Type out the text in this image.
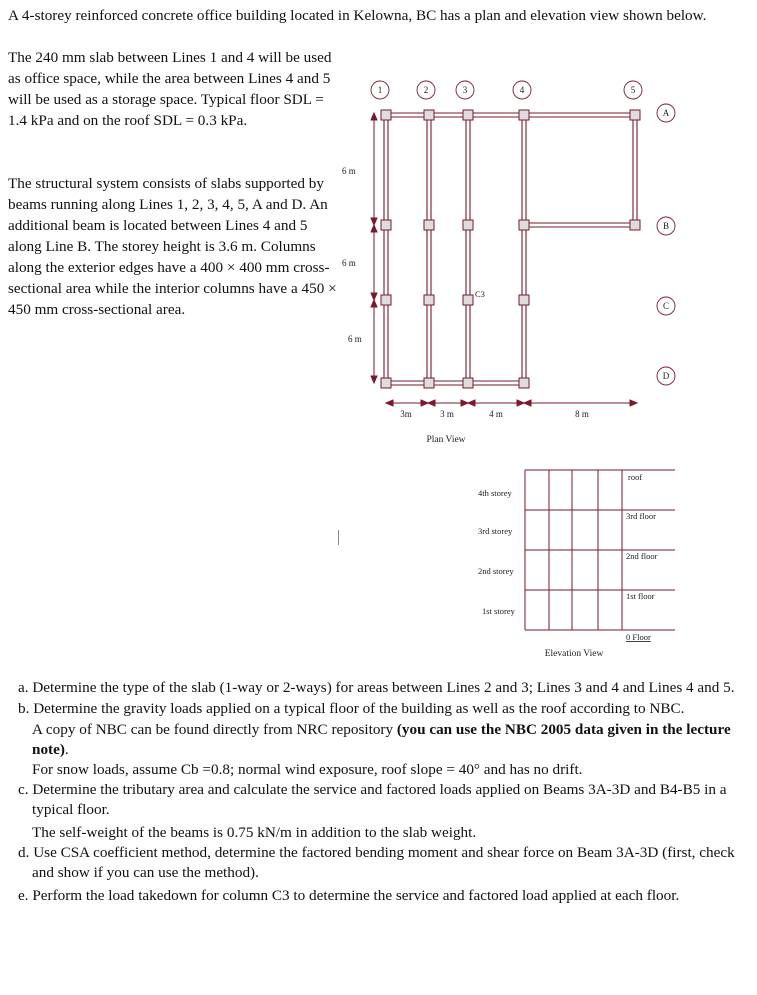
A 4-storey reinforced concrete office building located in Kelowna, BC has a plan and elevation view shown below.
The 240 mm slab between Lines 1 and 4 will be used as office space, while the area between Lines 4 and 5 will be used as a storage space. Typical floor SDL = 1.4 kPa and on the roof SDL = 0.3 kPa.
The structural system consists of slabs supported by beams running along Lines 1, 2, 3, 4, 5, A and D. An additional beam is located between Lines 4 and 5 along Line B. The storey height is 3.6 m. Columns along the exterior edges have a 400 × 400 mm cross-sectional area while the interior columns have a 450 × 450 mm cross-sectional area.
1	2	3	4	5
A
B
C
D
C3
6 m
6 m
6 m
3m	3 m	4 m	8 m
Plan View
4th storey
3rd storey
2nd storey
1st storey
roof
3rd floor
2nd floor
1st floor
0 Floor
Elevation View

a. Determine the type of the slab (1-way or 2-ways) for areas between Lines 2 and 3; Lines 3 and 4 and Lines 4 and 5.

b. Determine the gravity loads applied on a typical floor of the building as well as the roof according to NBC.

A copy of NBC can be found directly from NRC repository (you can use the NBC 2005 data given in the lecture note).

For snow loads, assume Cb =0.8; normal wind exposure, roof slope = 40° and has no drift.

c. Determine the tributary area and calculate the service and factored loads applied on Beams 3A-3D and B4-B5 in a typical floor.

The self-weight of the beams is 0.75 kN/m in addition to the slab weight.

d. Use CSA coefficient method, determine the factored bending moment and shear force on Beam 3A-3D (first, check and show if you can use the method).

e. Perform the load takedown for column C3 to determine the service and factored load applied at each floor.
